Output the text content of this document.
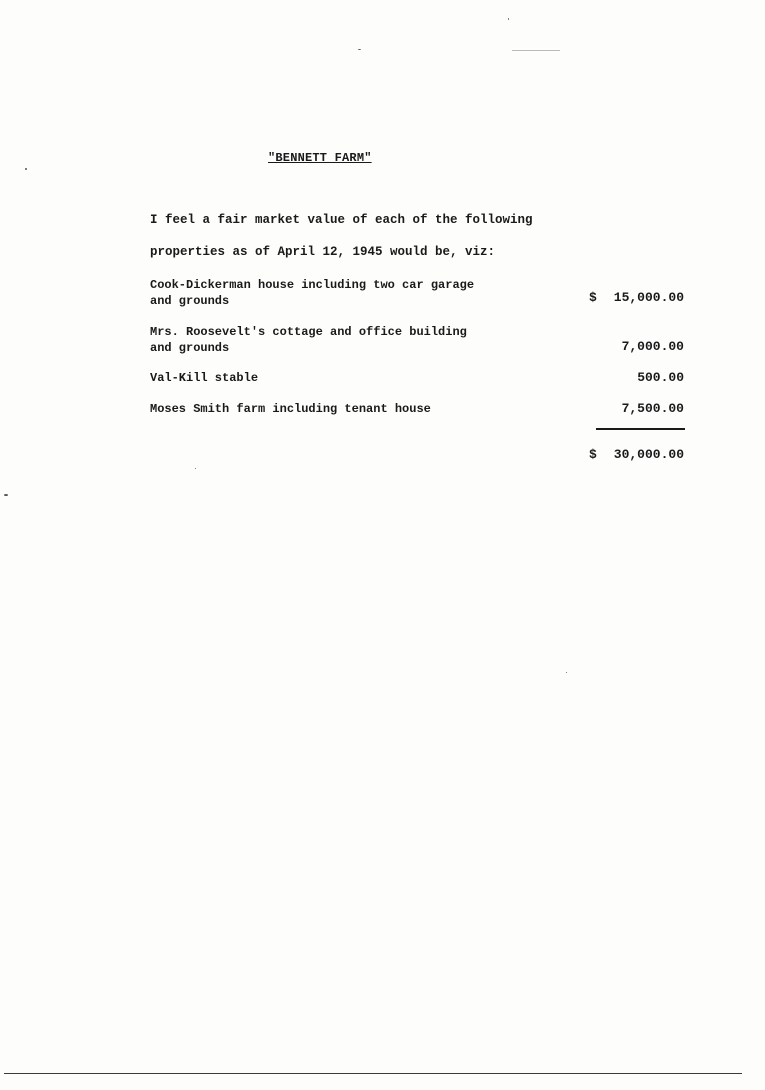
"BENNETT FARM"
I feel a fair market value of each of the following
properties as of April 12, 1945 would be, viz:
Cook-Dickerman house including two car garage
and grounds	$ 15,000.00
Mrs. Roosevelt's cottage and office building
and grounds	7,000.00
Val-Kill stable	500.00
Moses Smith farm including tenant house	7,500.00
$ 30,000.00
